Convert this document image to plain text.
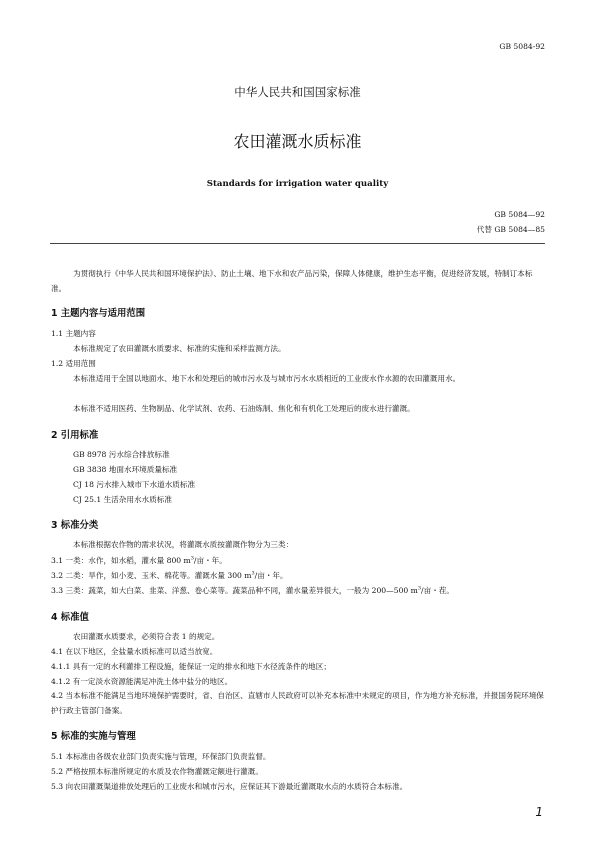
GB 5084-92
中华人民共和国国家标准
农田灌溉水质标准
Standards for irrigation water quality
GB 5084—92
代替 GB 5084—85
为贯彻执行《中华人民共和国环境保护法》、防止土壤、地下水和农产品污染，保障人体健康，维护生态平衡，促进经济发展，特制订本标准。
1 主题内容与适用范围
1.1 主题内容
本标准规定了农田灌溉水质要求、标准的实施和采样监测方法。
1.2 适用范围
本标准适用于全国以地面水、地下水和处理后的城市污水及与城市污水水质相近的工业废水作水源的农田灌溉用水。
本标准不适用医药、生物制品、化学试剂、农药、石油炼制、焦化和有机化工处理后的废水进行灌溉。
2 引用标准
GB 8978 污水综合排放标准
GB 3838 地面水环境质量标准
CJ 18 污水排入城市下水道水质标准
CJ 25.1 生活杂用水水质标准
3 标准分类
本标准根据农作物的需求状况，将灌溉水质按灌溉作物分为三类：
3.1 一类：水作，如水稻，灌水量 800 $m^3/$亩・年。
3.2 二类：旱作，如小麦、玉米、棉花等。灌溉水量 300 $m^3/$亩・年。
3.3 三类：蔬菜，如大白菜、韭菜、洋葱、卷心菜等。蔬菜品种不同，灌水量差异很大，一般为 200—500 $m^3/$亩・茬。
4 标准值
农田灌溉水质要求，必须符合表 1 的规定。
4.1 在以下地区，全盐量水质标准可以适当放宽。
4.1.1 具有一定的水利灌排工程设施，能保证一定的排水和地下水径流条件的地区；
4.1.2 有一定淡水资源能满足冲洗土体中盐分的地区。
4.2 当本标准不能满足当地环境保护需要时，省、自治区、直辖市人民政府可以补充本标准中未规定的项目，作为地方补充标准，并报国务院环境保护行政主管部门备案。
5 标准的实施与管理
5.1 本标准由各级农业部门负责实施与管理，环保部门负责监督。
5.2 严格按照本标准所规定的水质及农作物灌溉定额进行灌溉。
5.3 向农田灌溉渠道排放处理后的工业废水和城市污水，应保证其下游最近灌溉取水点的水质符合本标准。
1
